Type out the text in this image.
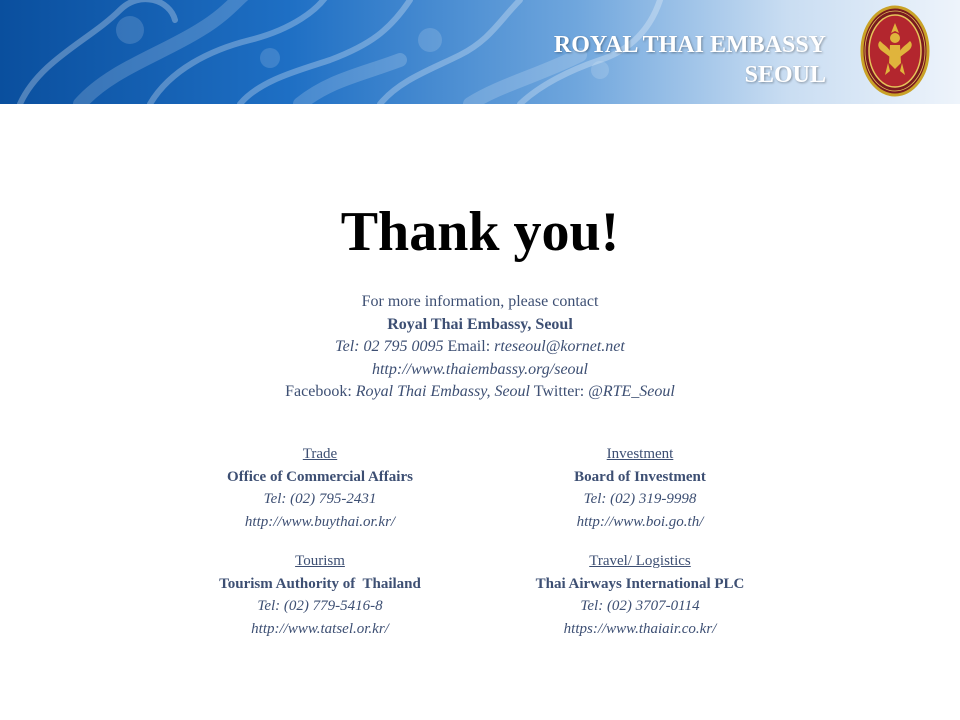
ROYAL THAI EMBASSY
SEOUL
Thank you!
For more information, please contact
Royal Thai Embassy, Seoul
Tel: 02 795 0095 Email: rteseoul@kornet.net
http://www.thaiembassy.org/seoul
Facebook: Royal Thai Embassy, Seoul Twitter: @RTE_Seoul
Trade
Office of Commercial Affairs
Tel: (02) 795-2431
http://www.buythai.or.kr/
Investment
Board of Investment
Tel: (02) 319-9998
http://www.boi.go.th/
Tourism
Tourism Authority of  Thailand
Tel: (02) 779-5416-8
http://www.tatsel.or.kr/
Travel/ Logistics
Thai Airways International PLC
Tel: (02) 3707-0114
https://www.thaiair.co.kr/
